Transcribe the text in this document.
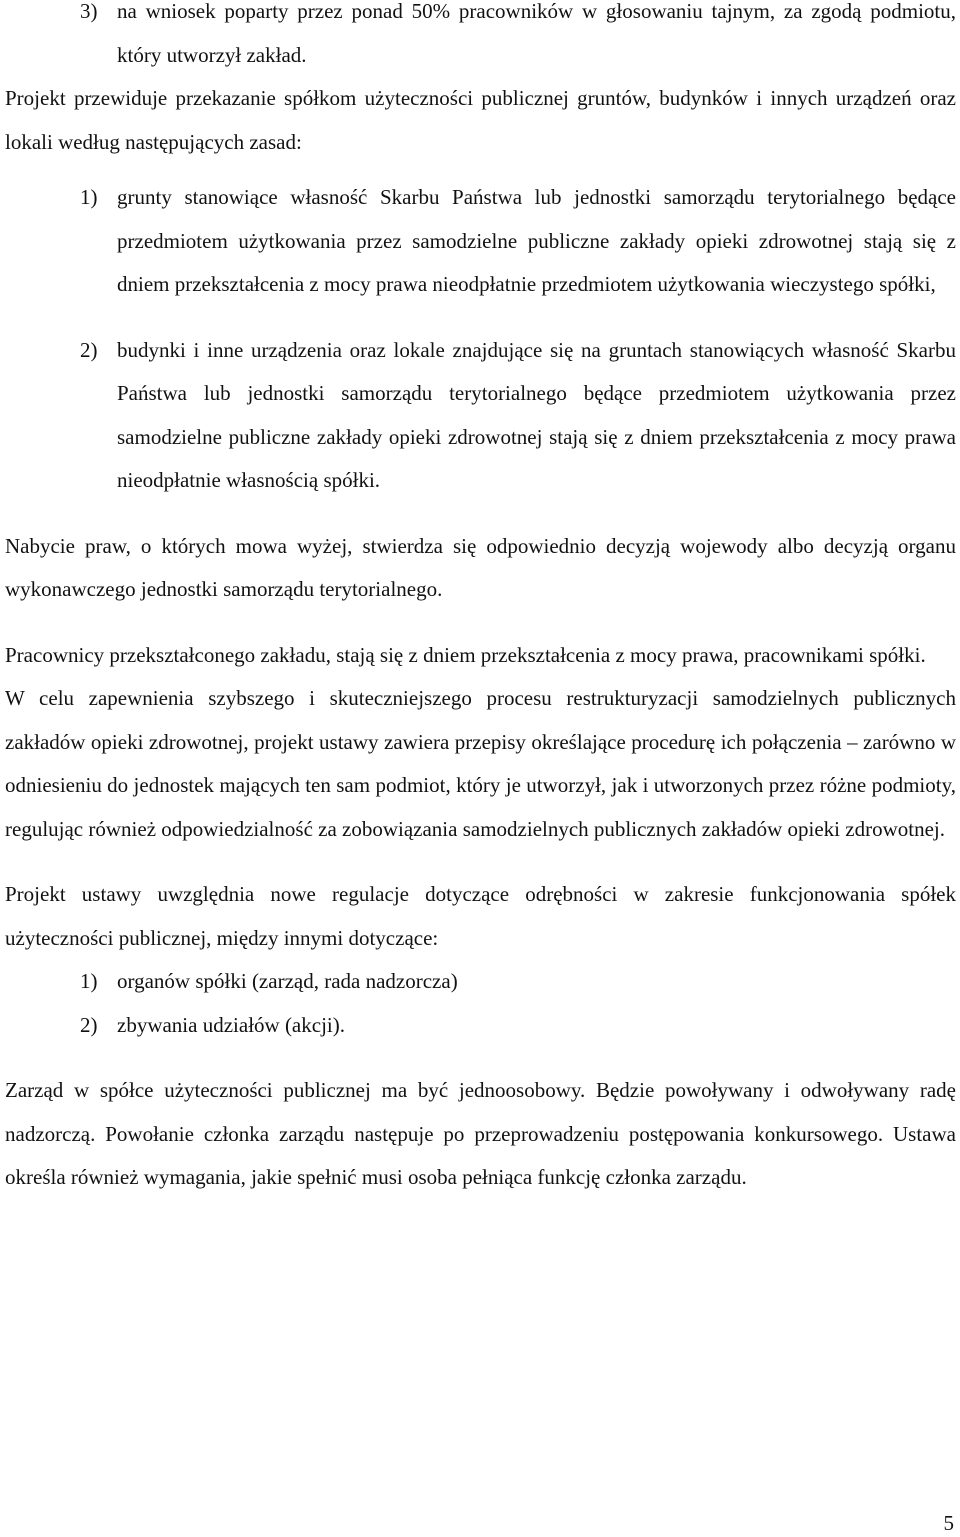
3) na wniosek poparty przez ponad 50% pracowników w głosowaniu tajnym, za zgodą podmiotu, który utworzył zakład.

Projekt przewiduje przekazanie spółkom użyteczności publicznej gruntów, budynków i innych urządzeń oraz lokali według następujących zasad:

1) grunty stanowiące własność Skarbu Państwa lub jednostki samorządu terytorialnego będące przedmiotem użytkowania przez samodzielne publiczne zakłady opieki zdrowotnej stają się z dniem przekształcenia z mocy prawa nieodpłatnie przedmiotem użytkowania wieczystego spółki,
2) budynki i inne urządzenia oraz lokale znajdujące się na gruntach stanowiących własność Skarbu Państwa lub jednostki samorządu terytorialnego będące przedmiotem użytkowania przez samodzielne publiczne zakłady opieki zdrowotnej stają się z dniem przekształcenia z mocy prawa nieodpłatnie własnością spółki.

Nabycie praw, o których mowa wyżej, stwierdza się odpowiednio decyzją wojewody albo decyzją organu wykonawczego jednostki samorządu terytorialnego.

Pracownicy przekształconego zakładu, stają się z dniem przekształcenia z mocy prawa, pracownikami spółki.

W celu zapewnienia szybszego i skuteczniejszego procesu restrukturyzacji samodzielnych publicznych zakładów opieki zdrowotnej, projekt ustawy zawiera przepisy określające procedurę ich połączenia – zarówno w odniesieniu do jednostek mających ten sam podmiot, który je utworzył, jak i utworzonych przez różne podmioty, regulując również odpowiedzialność za zobowiązania samodzielnych publicznych zakładów opieki zdrowotnej.

Projekt ustawy uwzględnia nowe regulacje dotyczące odrębności w zakresie funkcjonowania spółek użyteczności publicznej, między innymi dotyczące:

1) organów spółki (zarząd, rada nadzorcza)
2) zbywania udziałów (akcji).

Zarząd w spółce użyteczności publicznej ma być jednoosobowy. Będzie powoływany i odwoływany radę nadzorczą. Powołanie członka zarządu następuje po przeprowadzeniu postępowania konkursowego. Ustawa określa również wymagania, jakie spełnić musi osoba pełniąca funkcję członka zarządu.

5
